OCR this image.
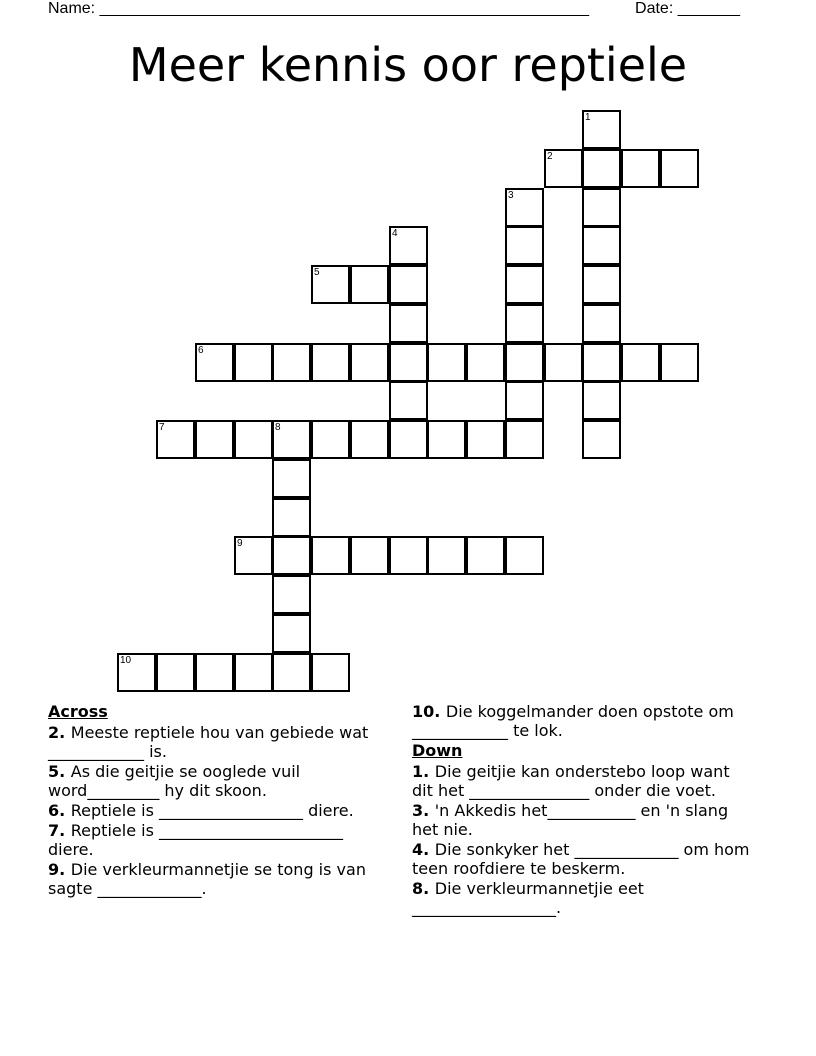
Name: _______________________________________________________	Date: _______
Meer kennis oor reptiele
1
2
3
4
5
6
7	8
9
10
Across
2. Meeste reptiele hou van gebiede wat ____________ is.
5. As die geitjie se ooglede vuil word_________ hy dit skoon.
6. Reptiele is __________________ diere.
7. Reptiele is _______________________ diere.
9. Die verkleurmannetjie se tong is van sagte _____________.
10. Die koggelmander doen opstote om ____________ te lok.
Down
1. Die geitjie kan onderstebo loop want dit het _______________ onder die voet.
3. 'n Akkedis het___________ en 'n slang het nie.
4. Die sonkyker het _____________ om hom teen roofdiere te beskerm.
8. Die verkleurmannetjie eet __________________.
